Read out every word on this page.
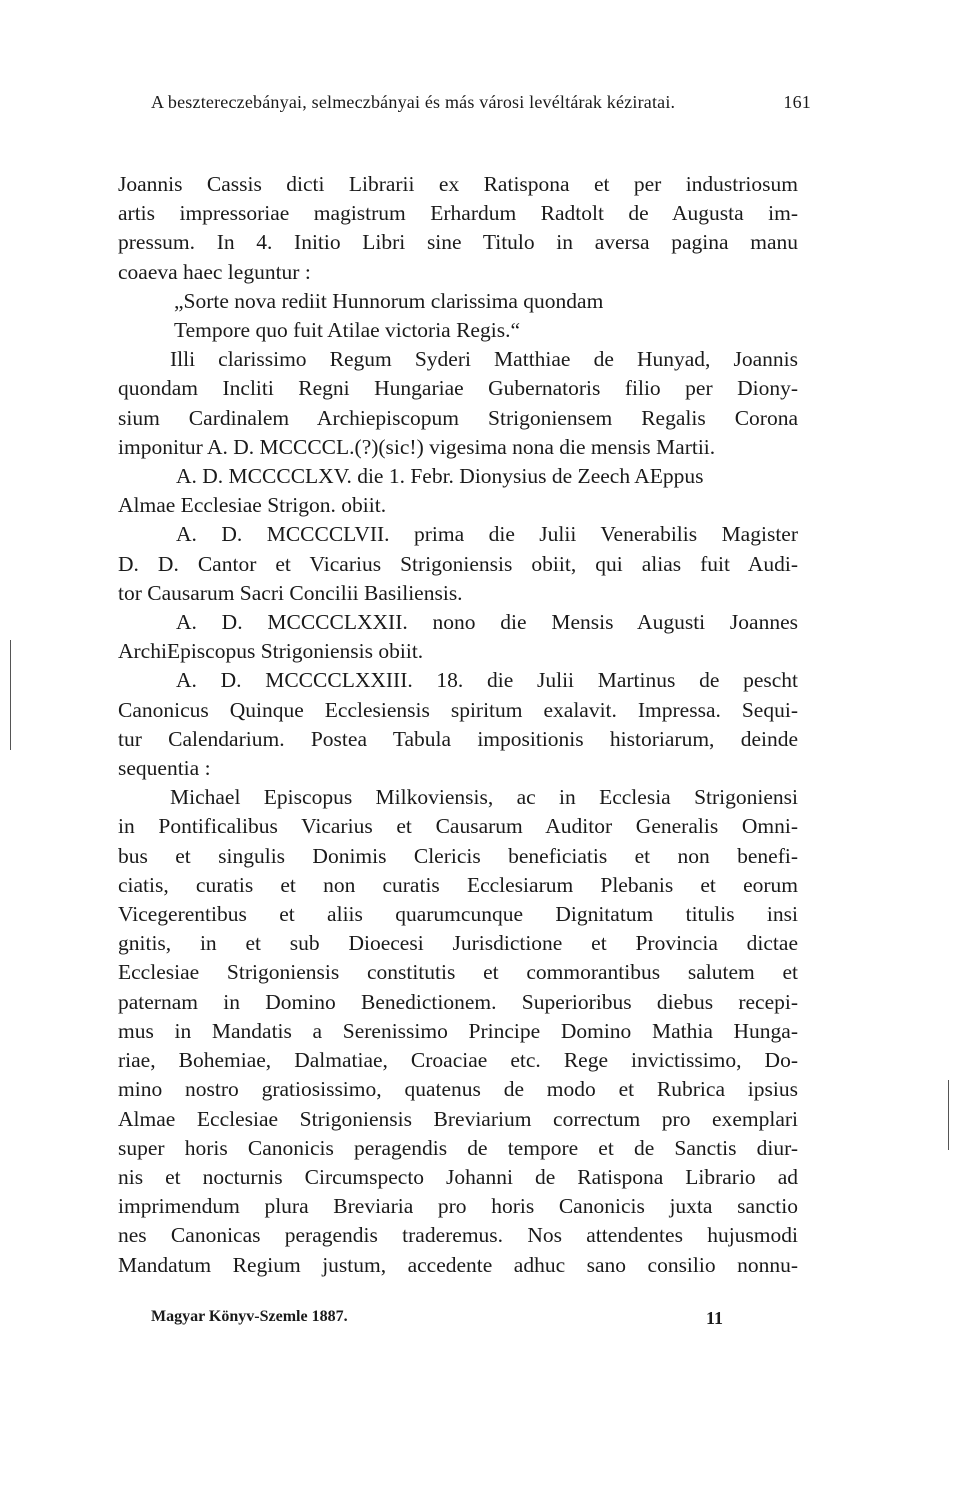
A besztereczebányai, selmeczbányai és más városi levéltárak kéziratai.	161
Joannis Cassis dicti Librarii ex Ratispona et per industriosum
artis impressoriae magistrum Erhardum Radtolt de Augusta im-
pressum. In 4. Initio Libri sine Titulo in aversa pagina manu
coaeva haec leguntur :
„Sorte nova rediit Hunnorum clarissima quondam
Tempore quo fuit Atilae victoria Regis.“
Illi clarissimo Regum Syderi Matthiae de Hunyad, Joannis
quondam Incliti Regni Hungariae Gubernatoris filio per Diony-
sium Cardinalem Archiepiscopum Strigoniensem Regalis Corona
imponitur A. D. MCCCCL.(?)(sic!) vigesima nona die mensis Martii.
A. D. MCCCCLXV. die 1. Febr. Dionysius de Zeech AEppus
Almae Ecclesiae Strigon. obiit.
A. D. MCCCCLVII. prima die Julii Venerabilis Magister
D. D. Cantor et Vicarius Strigoniensis obiit, qui alias fuit Audi-
tor Causarum Sacri Concilii Basiliensis.
A. D. MCCCCLXXII. nono die Mensis Augusti Joannes
ArchiEpiscopus Strigoniensis obiit.
A. D. MCCCCLXXIII. 18. die Julii Martinus de pescht
Canonicus Quinque Ecclesiensis spiritum exalavit. Impressa. Sequi-
tur Calendarium. Postea Tabula impositionis historiarum, deinde
sequentia :
Michael Episcopus Milkoviensis, ac in Ecclesia Strigoniensi
in Pontificalibus Vicarius et Causarum Auditor Generalis Omni-
bus et singulis Donimis Clericis beneficiatis et non benefi-
ciatis, curatis et non curatis Ecclesiarum Plebanis et eorum
Vicegerentibus et aliis quarumcunque Dignitatum titulis insi
gnitis, in et sub Dioecesi Jurisdictione et Provincia dictae
Ecclesiae Strigoniensis constitutis et commorantibus salutem et
paternam in Domino Benedictionem. Superioribus diebus recepi-
mus in Mandatis a Serenissimo Principe Domino Mathia Hungа-
riae, Bohemiae, Dalmatiae, Croaciae etc. Rege invictissimo, Do-
mino nostro gratiosissimo, quatenus de modo et Rubrica ipsius
Almae Ecclesiae Strigoniensis Breviarium correctum pro exemplari
super horis Canonicis peragendis de tempore et de Sanctis diur-
nis et nocturnis Circumspecto Johanni de Ratispona Librario ad
imprimendum plura Breviaria pro horis Canonicis juxta sanctio
nes Canonicas peragendis traderemus. Nos attendentes hujusmodi
Mandatum Regium justum, accedente adhuc sano consilio nonnu-
Magyar Könyv-Szemle 1887.	11
